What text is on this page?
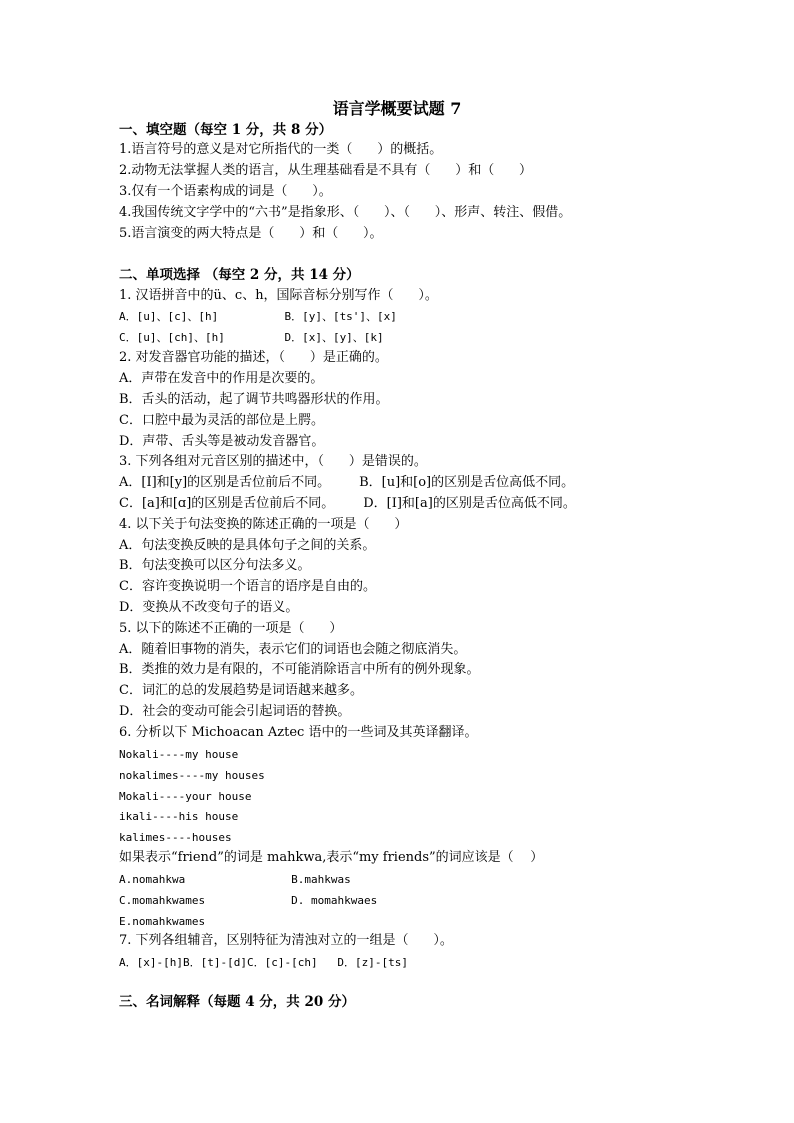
语言学概要试题 7
一、填空题（每空 1 分，共 8 分）
1.语言符号的意义是对它所指代的一类（      ）的概括。
2.动物无法掌握人类的语言，从生理基础看是不具有（      ）和（      ）
3.仅有一个语素构成的词是（      ）。
4.我国传统文字学中的“六书”是指象形、（      ）、（      ）、形声、转注、假借。
5.语言演变的两大特点是（      ）和（      ）。
二、单项选择 （每空 2 分，共 14 分）
1. 汉语拼音中的ü、c、h，国际音标分别写作（      ）。
A．[u]、[c]、[h]          B．[y]、[ts']、[x]
C．[u]、[ch]、[h]         D．[x]、[y]、[k]
2. 对发音器官功能的描述，（      ）是正确的。
A．声带在发音中的作用是次要的。
B．舌头的活动，起了调节共鸣器形状的作用。
C．口腔中最为灵活的部位是上腭。
D．声带、舌头等是被动发音器官。
3. 下列各组对元音区别的描述中，（      ）是错误的。
A．[I]和[y]的区别是舌位前后不同。       B．[u]和[o]的区别是舌位高低不同。
C．[a]和[ɑ]的区别是舌位前后不同。       D．[I]和[a]的区别是舌位高低不同。
4. 以下关于句法变换的陈述正确的一项是（      ）
A．句法变换反映的是具体句子之间的关系。
B．句法变换可以区分句法多义。
C．容许变换说明一个语言的语序是自由的。
D．变换从不改变句子的语义。
5. 以下的陈述不正确的一项是（      ）
A．随着旧事物的消失，表示它们的词语也会随之彻底消失。
B．类推的效力是有限的，不可能消除语言中所有的例外现象。
C．词汇的总的发展趋势是词语越来越多。
D．社会的变动可能会引起词语的替换。
6. 分析以下 Michoacan Aztec 语中的一些词及其英译翻译。
Nokali----my house
nokalimes----my houses
Mokali----your house
ikali----his house
kalimes----houses
如果表示“friend”的词是 mahkwa,表示“my friends”的词应该是（    ）
A.nomahkwa                B.mahkwas
C.momahkwames             D. momahkwaes
E.nomahkwames
7. 下列各组辅音，区别特征为清浊对立的一组是（      ）。
A．[x]-[h]B．[t]-[d]C．[c]-[ch]   D．[z]-[ts]
三、名词解释（每题 4 分，共 20 分）
